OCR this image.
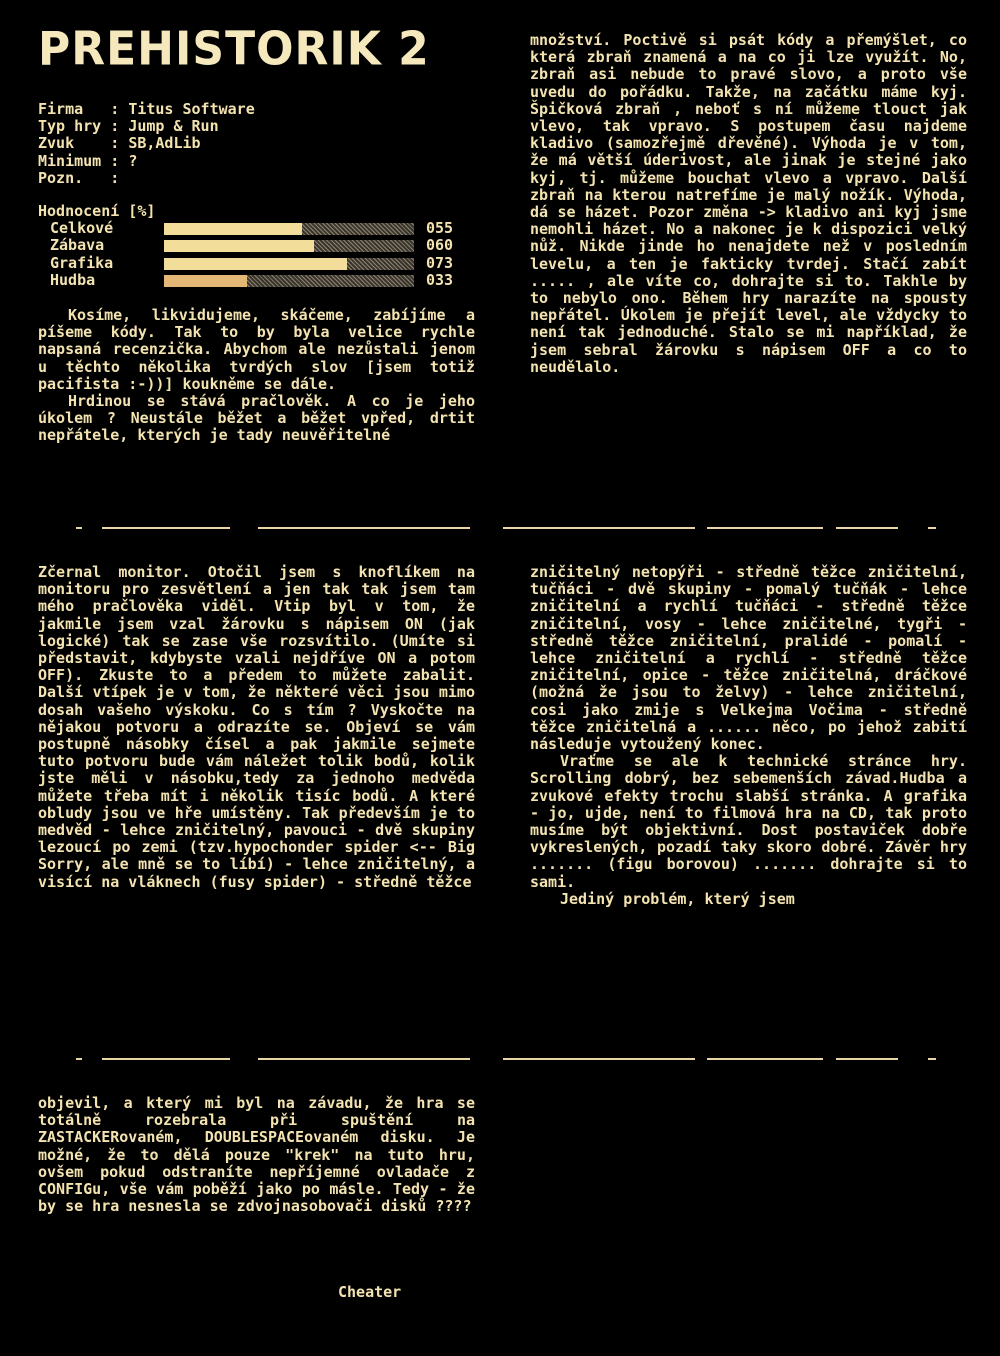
PREHISTORIK 2
Firma   : Titus Software
Typ hry : Jump & Run
Zvuk    : SB,AdLib
Minimum : ?
Pozn.   :
Hodnocení [%]
Celkové	055
Zábava	060
Grafika	073
Hudba	033

Kosíme, likvidujeme, skáčeme, zabíjíme a píšeme kódy. Tak to by byla velice rychle napsaná recenzička. Abychom ale nezůstali jenom u těchto několika tvrdých slov [jsem totiž pacifista :-))] koukněme se dále.

Hrdinou se stává pračlověk. A co je jeho úkolem ? Neustále běžet a běžet vpřed, drtit nepřátele, kterých je tady neuvěřitelné

množství. Poctivě si psát kódy a přemýšlet, co která zbraň znamená a na co ji lze využít. No, zbraň asi nebude to pravé slovo, a proto vše uvedu do pořádku. Takže, na začátku máme kyj. Špičková zbraň , neboť s ní můžeme tlouct jak vlevo, tak vpravo. S postupem času najdeme kladivo (samozřejmě dřevěné). Výhoda je v tom, že má větší úderivost, ale jinak je stejné jako kyj, tj. můžeme bouchat vlevo a vpravo. Další zbraň na kterou natrefíme je malý nožík. Výhoda, dá se házet. Pozor změna -> kladivo ani kyj jsme nemohli házet. No a nakonec je k dispozici velký nůž. Nikde jinde ho nenajdete než v posledním levelu, a ten je fakticky tvrdej. Stačí zabít ..... , ale víte co, dohrajte si to. Takhle by to nebylo ono. Během hry narazíte na spousty nepřátel. Úkolem je přejít level, ale vždycky to není tak jednoduché. Stalo se mi například, že jsem sebral žárovku s nápisem OFF a co to neudělalo.

Zčernal monitor. Otočil jsem s knoflíkem na monitoru pro zesvětlení a jen tak tak jsem tam mého pračlověka viděl. Vtip byl v tom, že jakmile jsem vzal žárovku s nápisem ON (jak logické) tak se zase vše rozsvítilo. (Umíte si představit, kdybyste vzali nejdříve ON a potom OFF). Zkuste to a předem to můžete zabalit. Další vtípek je v tom, že některé věci jsou mimo dosah vašeho výskoku. Co s tím ? Vyskočte na nějakou potvoru a odrazíte se. Objeví se vám postupně násobky čísel a pak jakmile sejmete tuto potvoru bude vám náležet tolik bodů, kolik jste měli v násobku,tedy za jednoho medvěda můžete třeba mít i několik tisíc bodů. A které obludy jsou ve hře umístěny. Tak především je to medvěd - lehce zničitelný, pavouci - dvě skupiny lezoucí po zemi (tzv.hypochonder spider <-- Big Sorry, ale mně se to líbí) - lehce zničitelný, a visící na vláknech (fusy spider) - středně těžce

zničitelný netopýři - středně těžce zničitelní, tučňáci - dvě skupiny - pomalý tučňák - lehce zničitelní a rychlí tučňáci - středně těžce zničitelní, vosy - lehce zničitelné, tygři - středně těžce zničitelní, pralidé - pomalí - lehce zničitelní a rychlí - středně těžce zničitelní, opice - těžce zničitelná, dráčkové (možná že jsou to želvy) - lehce zničitelní, cosi jako zmije s Velkejma Vočima - středně těžce zničitelná a ...... něco, po jehož zabití následuje vytoužený konec.

Vraťme se ale k technické stránce hry. Scrolling dobrý, bez sebemenších závad.Hudba a zvukové efekty trochu slabší stránka. A grafika - jo, ujde, není to filmová hra na CD, tak proto musíme být objektivní. Dost postaviček dobře vykreslených, pozadí taky skoro dobré. Závěr hry ....... (figu borovou) ....... dohrajte si to sami.

Jediný problém, který jsem

objevil, a který mi byl na závadu, že hra se totálně rozebrala při spuštění na ZASTACKERovaném, DOUBLESPACEovaném disku. Je možné, že to dělá pouze "krek" na tuto hru, ovšem pokud odstraníte nepříjemné ovladače z CONFIGu, vše vám poběží jako po másle. Tedy - že by se hra nesnesla se zdvojnasobovači disků ????

Cheater
